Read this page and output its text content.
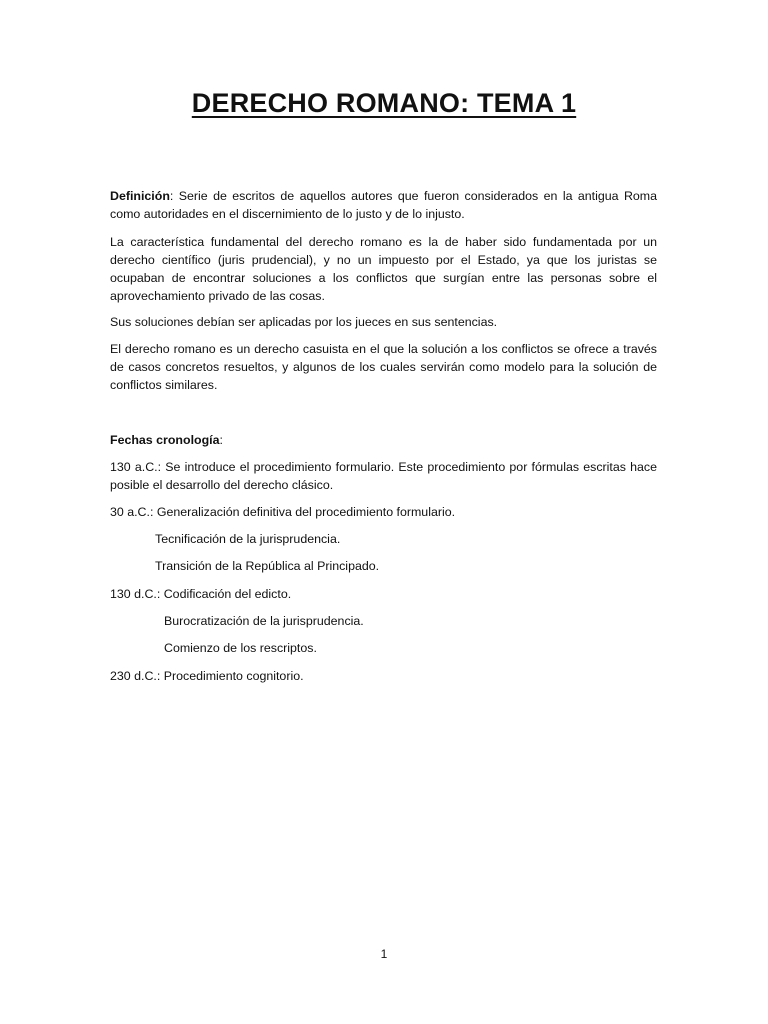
DERECHO ROMANO: TEMA 1

Definición: Serie de escritos de aquellos autores que fueron considerados en la antigua Roma como autoridades en el discernimiento de lo justo y de lo injusto.

La característica fundamental del derecho romano es la de haber sido fundamentada por un derecho científico (juris prudencial), y no un impuesto por el Estado, ya que los juristas se ocupaban de encontrar soluciones a los conflictos que surgían entre las personas sobre el aprovechamiento privado de las cosas.

Sus soluciones debían ser aplicadas por los jueces en sus sentencias.

El derecho romano es un derecho casuista en el que la solución a los conflictos se ofrece a través de casos concretos resueltos, y algunos de los cuales servirán como modelo para la solución de conflictos similares.

Fechas cronología:

130 a.C.: Se introduce el procedimiento formulario. Este procedimiento por fórmulas escritas hace posible el desarrollo del derecho clásico.

30 a.C.: Generalización definitiva del procedimiento formulario.
Tecnificación de la jurisprudencia.
Transición de la República al Principado.
130 d.C.: Codificación del edicto.
Burocratización de la jurisprudencia.
Comienzo de los rescriptos.
230 d.C.: Procedimiento cognitorio.
1
